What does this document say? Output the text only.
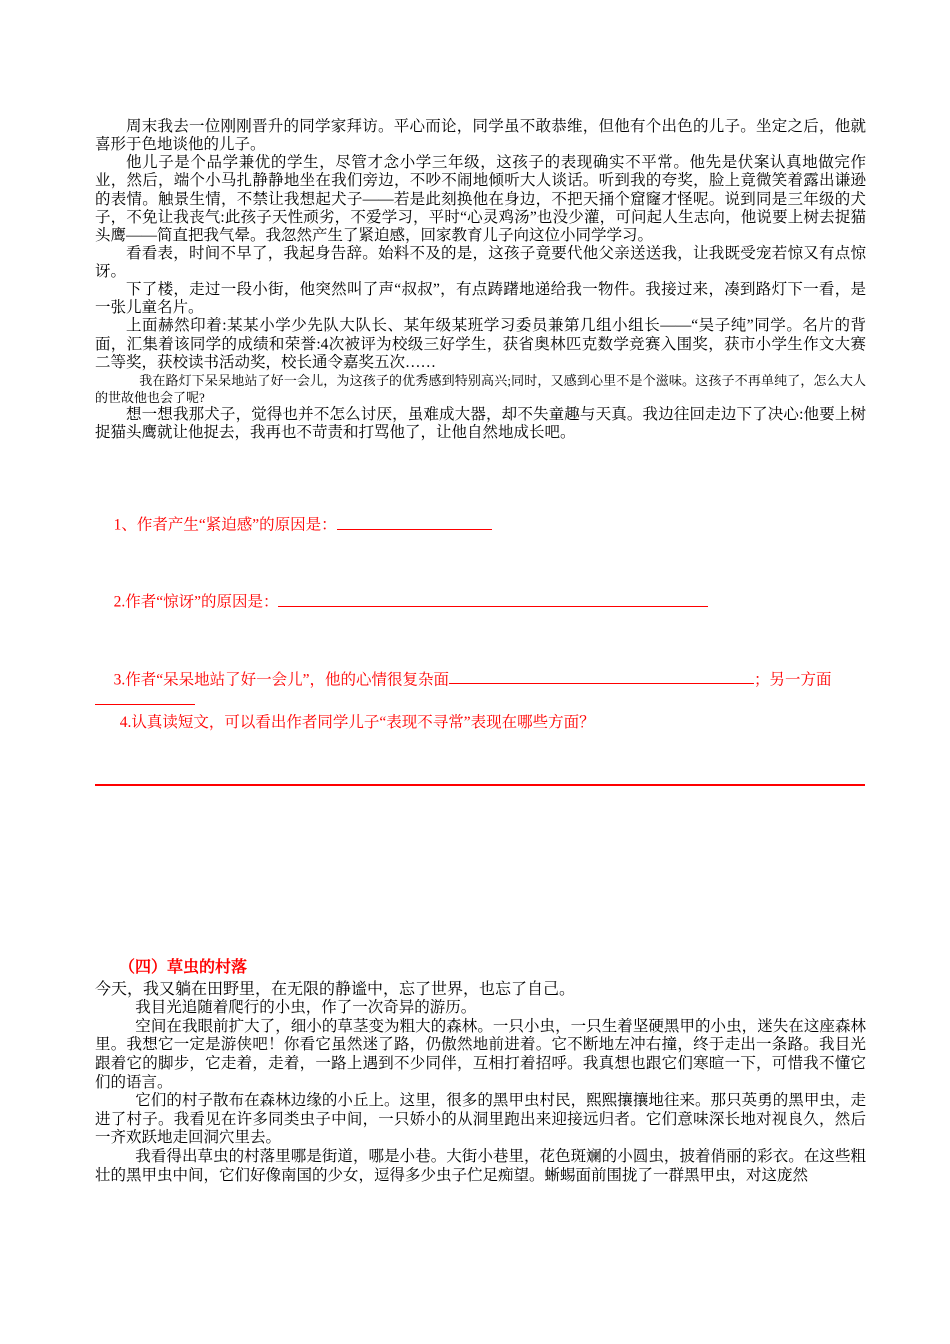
周末我去一位刚刚晋升的同学家拜访。平心而论，同学虽不敢恭维，但他有个出色的儿子。坐定之后，他就喜形于色地谈他的儿子。

他儿子是个品学兼优的学生，尽管才念小学三年级，这孩子的表现确实不平常。他先是伏案认真地做完作业，然后，端个小马扎静静地坐在我们旁边，不吵不闹地倾听大人谈话。听到我的夸奖，脸上竟微笑着露出谦逊的表情。触景生情，不禁让我想起犬子——若是此刻换他在身边，不把天捅个窟窿才怪呢。说到同是三年级的犬子，不免让我丧气:此孩子天性顽劣，不爱学习，平时“心灵鸡汤”也没少灌，可问起人生志向，他说要上树去捉猫头鹰——简直把我气晕。我忽然产生了紧迫感，回家教育儿子向这位小同学学习。

看看表，时间不早了，我起身告辞。始料不及的是，这孩子竟要代他父亲送送我，让我既受宠若惊又有点惊讶。

下了楼，走过一段小街，他突然叫了声“叔叔”，有点踌躇地递给我一物件。我接过来，凑到路灯下一看，是一张儿童名片。

上面赫然印着:某某小学少先队大队长、某年级某班学习委员兼第几组小组长——“吴子纯”同学。名片的背面，汇集着该同学的成绩和荣誉:4次被评为校级三好学生，获省奥林匹克数学竞赛入围奖，获市小学生作文大赛二等奖，获校读书活动奖，校长通令嘉奖五次……

我在路灯下呆呆地站了好一会儿，为这孩子的优秀感到特别高兴;同时，又感到心里不是个滋味。这孩子不再单纯了，怎么大人的世故他也会了呢?

想一想我那犬子，觉得也并不怎么讨厌，虽难成大器，却不失童趣与天真。我边往回走边下了决心:他要上树捉猫头鹰就让他捉去，我再也不苛责和打骂他了，让他自然地成长吧。

1、作者产生“紧迫感”的原因是：

2.作者“惊讶”的原因是：

3.作者“呆呆地站了好一会儿”，他的心情很复杂面	；另一方面

4.认真读短文，可以看出作者同学儿子“表现不寻常”表现在哪些方面？

（四）草虫的村落

今天，我又躺在田野里，在无限的静谧中，忘了世界，也忘了自己。

我目光追随着爬行的小虫，作了一次奇异的游历。

空间在我眼前扩大了，细小的草茎变为粗大的森林。一只小虫，一只生着坚硬黑甲的小虫，迷失在这座森林里。我想它一定是游侠吧！你看它虽然迷了路，仍傲然地前进着。它不断地左冲右撞，终于走出一条路。我目光跟着它的脚步，它走着，走着，一路上遇到不少同伴，互相打着招呼。我真想也跟它们寒暄一下，可惜我不懂它们的语言。

它们的村子散布在森林边缘的小丘上。这里，很多的黑甲虫村民，熙熙攘攘地往来。那只英勇的黑甲虫，走进了村子。我看见在许多同类虫子中间，一只娇小的从洞里跑出来迎接远归者。它们意味深长地对视良久，然后一齐欢跃地走回洞穴里去。

我看得出草虫的村落里哪是街道，哪是小巷。大街小巷里，花色斑斓的小圆虫，披着俏丽的彩衣。在这些粗壮的黑甲虫中间，它们好像南国的少女，逗得多少虫子伫足痴望。蜥蜴面前围拢了一群黑甲虫，对这庞然
